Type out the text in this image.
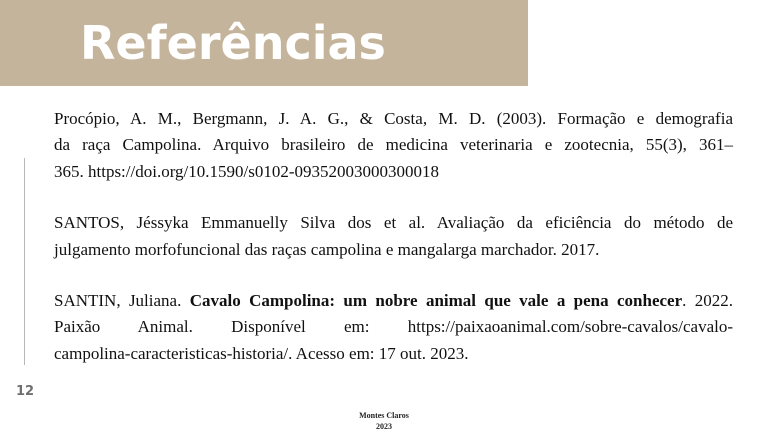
Referências
12
Procópio, A. M., Bergmann, J. A. G., & Costa, M. D. (2003). Formação e demografia
da raça Campolina. Arquivo brasileiro de medicina veterinaria e zootecnia, 55(3), 361–
365. https://doi.org/10.1590/s0102-09352003000300018
SANTOS, Jéssyka Emmanuelly Silva dos et al. Avaliação da eficiência do método de
julgamento morfofuncional das raças campolina e mangalarga marchador. 2017.
SANTIN, Juliana. Cavalo Campolina: um nobre animal que vale a pena conhecer. 2022.
Paixão Animal. Disponível em: https://paixaoanimal.com/sobre-cavalos/cavalo-
campolina-caracteristicas-historia/. Acesso em: 17 out. 2023.
Montes Claros
2023
